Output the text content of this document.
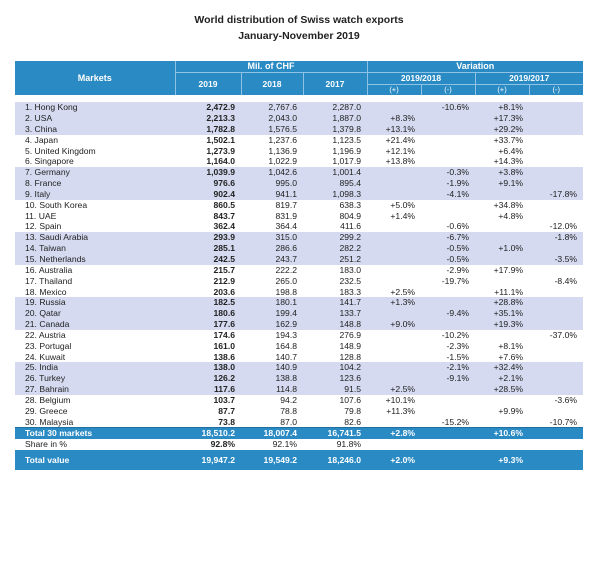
World distribution of Swiss watch exports
January-November 2019
Markets	Mil. of CHF			Variation			
	2019	2018	2017	2019/2018		2019/2017	
				(+)	(-)	(+)	(-)

1. Hong Kong	2,472.9	2,767.6	2,287.0		-10.6%	+8.1%	
2. USA	2,213.3	2,043.0	1,887.0	+8.3%		+17.3%	
3. China	1,782.8	1,576.5	1,379.8	+13.1%		+29.2%	
4. Japan	1,502.1	1,237.6	1,123.5	+21.4%		+33.7%	
5. United Kingdom	1,273.9	1,136.9	1,196.9	+12.1%		+6.4%	
6. Singapore	1,164.0	1,022.9	1,017.9	+13.8%		+14.3%	
7. Germany	1,039.9	1,042.6	1,001.4		-0.3%	+3.8%	
8. France	976.6	995.0	895.4		-1.9%	+9.1%	
9. Italy	902.4	941.1	1,098.3		-4.1%		-17.8%
10. South Korea	860.5	819.7	638.3	+5.0%		+34.8%	
11. UAE	843.7	831.9	804.9	+1.4%		+4.8%	
12. Spain	362.4	364.4	411.6		-0.6%		-12.0%
13. Saudi Arabia	293.9	315.0	299.2		-6.7%		-1.8%
14. Taiwan	285.1	286.6	282.2		-0.5%	+1.0%	
15. Netherlands	242.5	243.7	251.2		-0.5%		-3.5%
16. Australia	215.7	222.2	183.0		-2.9%	+17.9%	
17. Thailand	212.9	265.0	232.5		-19.7%		-8.4%
18. Mexico	203.6	198.8	183.3	+2.5%		+11.1%	
19. Russia	182.5	180.1	141.7	+1.3%		+28.8%	
20. Qatar	180.6	199.4	133.7		-9.4%	+35.1%	
21. Canada	177.6	162.9	148.8	+9.0%		+19.3%	
22. Austria	174.6	194.3	276.9		-10.2%		-37.0%
23. Portugal	161.0	164.8	148.9		-2.3%	+8.1%	
24. Kuwait	138.6	140.7	128.8		-1.5%	+7.6%	
25. India	138.0	140.9	104.2		-2.1%	+32.4%	
26. Turkey	126.2	138.8	123.6		-9.1%	+2.1%	
27. Bahrain	117.6	114.8	91.5	+2.5%		+28.5%	
28. Belgium	103.7	94.2	107.6	+10.1%			-3.6%
29. Greece	87.7	78.8	79.8	+11.3%		+9.9%	
30. Malaysia	73.8	87.0	82.6		-15.2%		-10.7%
Total 30 markets	18,510.2	18,007.4	16,741.5	+2.8%		+10.6%	
Share in %	92.8%	92.1%	91.8%				
Total value	19,947.2	19,549.2	18,246.0	+2.0%		+9.3%	
